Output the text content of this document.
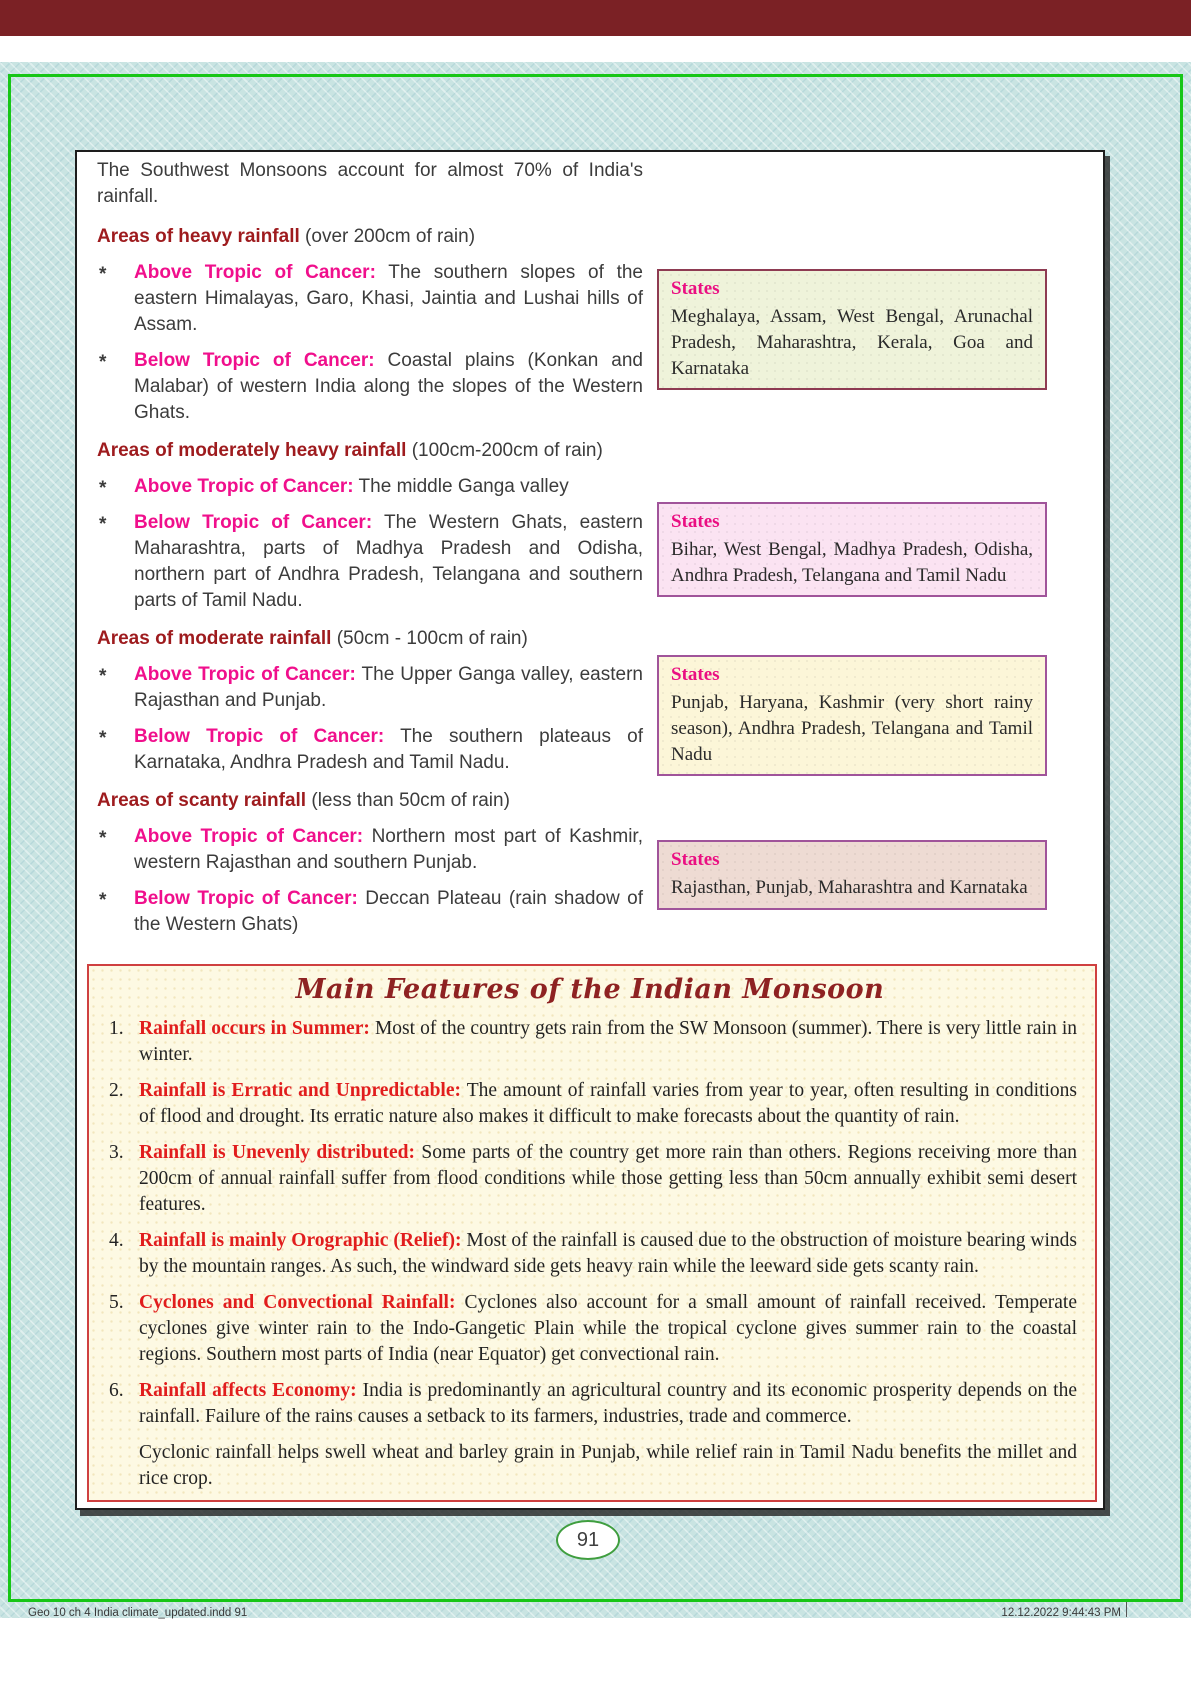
The Southwest Monsoons account for almost 70% of India's rainfall.

Areas of heavy rainfall (over 200cm of rain)

* Above Tropic of Cancer: The southern slopes of the eastern Himalayas, Garo, Khasi, Jaintia and Lushai hills of Assam.
* Below Tropic of Cancer: Coastal plains (Konkan and Malabar) of western India along the slopes of the Western Ghats.

Areas of moderately heavy rainfall (100cm-200cm of rain)

* Above Tropic of Cancer: The middle Ganga valley
* Below Tropic of Cancer: The Western Ghats, eastern Maharashtra, parts of Madhya Pradesh and Odisha, northern part of Andhra Pradesh, Telangana and southern parts of Tamil Nadu.

Areas of moderate rainfall (50cm - 100cm of rain)

* Above Tropic of Cancer: The Upper Ganga valley, eastern Rajasthan and Punjab.
* Below Tropic of Cancer: The southern plateaus of Karnataka, Andhra Pradesh and Tamil Nadu.

Areas of scanty rainfall (less than 50cm of rain)

* Above Tropic of Cancer: Northern most part of Kashmir, western Rajasthan and southern Punjab.
* Below Tropic of Cancer: Deccan Plateau (rain shadow of the Western Ghats)

States

Meghalaya, Assam, West Bengal, Arunachal Pradesh, Maharashtra, Kerala, Goa and Karnataka

States

Bihar, West Bengal, Madhya Pradesh, Odisha, Andhra Pradesh, Telangana and Tamil Nadu

States

Punjab, Haryana, Kashmir (very short rainy season), Andhra Pradesh, Telangana and Tamil Nadu

States

Rajasthan, Punjab, Maharashtra and Karnataka

Main Features of the Indian Monsoon

1. Rainfall occurs in Summer: Most of the country gets rain from the SW Monsoon (summer). There is very little rain in winter.
2. Rainfall is Erratic and Unpredictable: The amount of rainfall varies from year to year, often resulting in conditions of flood and drought. Its erratic nature also makes it difficult to make forecasts about the quantity of rain.
3. Rainfall is Unevenly distributed: Some parts of the country get more rain than others. Regions receiving more than 200cm of annual rainfall suffer from flood conditions while those getting less than 50cm annually exhibit semi desert features.
4. Rainfall is mainly Orographic (Relief): Most of the rainfall is caused due to the obstruction of moisture bearing winds by the mountain ranges. As such, the windward side gets heavy rain while the leeward side gets scanty rain.
5. Cyclones and Convectional Rainfall: Cyclones also account for a small amount of rainfall received. Temperate cyclones give winter rain to the Indo-Gangetic Plain while the tropical cyclone gives summer rain to the coastal regions. Southern most parts of India (near Equator) get convectional rain.
6. Rainfall affects Economy: India is predominantly an agricultural country and its economic prosperity depends on the rainfall. Failure of the rains causes a setback to its farmers, industries, trade and commerce.

Cyclonic rainfall helps swell wheat and barley grain in Punjab, while relief rain in Tamil Nadu benefits the millet and rice crop.

91
Geo 10 ch 4 India climate_updated.indd 91	12.12.2022 9:44:43 PM
